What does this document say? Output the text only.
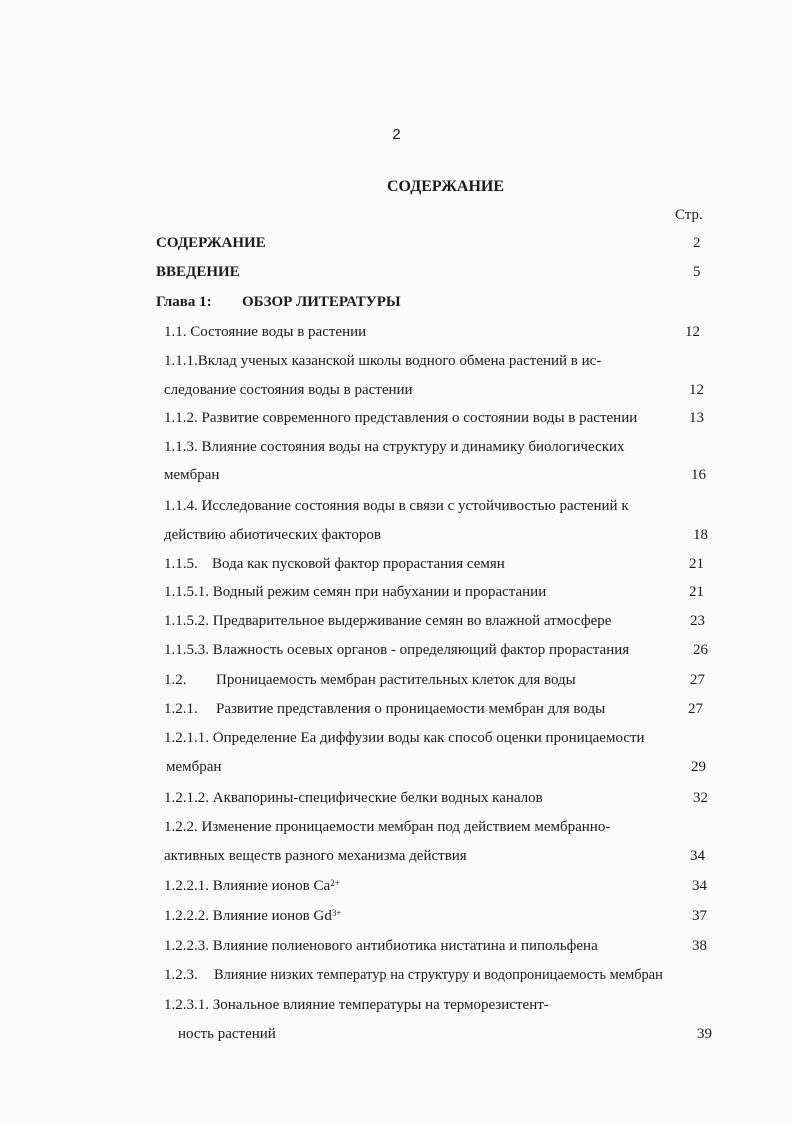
2
СОДЕРЖАНИЕ
Стр.
СОДЕРЖАНИЕ	2
ВВЕДЕНИЕ	5
Глава 1: ОБЗОР ЛИТЕРАТУРЫ
1.1. Состояние воды в растении	12
1.1.1.Вклад ученых казанской школы водного обмена растений в ис-
следование состояния воды в растении	12
1.1.2. Развитие современного представления о состоянии воды в растении	13
1.1.3. Влияние состояния воды на структуру и динамику биологических
мембран	16
1.1.4. Исследование состояния воды в связи с устойчивостью растений к
действию абиотических факторов	18
1.1.5. Вода как пусковой фактор прорастания семян	21
1.1.5.1. Водный режим семян при набухании и прорастании	21
1.1.5.2. Предварительное выдерживание семян во влажной атмосфере	23
1.1.5.3. Влажность осевых органов - определяющий фактор прорастания	26
1.2. Проницаемость мембран растительных клеток для воды	27
1.2.1. Развитие представления о проницаемости мембран для воды	27
1.2.1.1. Определение Ea диффузии воды как способ оценки проницаемости
мембран	29
1.2.1.2. Аквапорины-специфические белки водных каналов	32
1.2.2. Изменение проницаемости мембран под действием мембранно-
активных веществ разного механизма действия	34
1.2.2.1. Влияние ионов $Ca^{2+}$	34
1.2.2.2. Влияние ионов $Gd^{3+}$	37
1.2.2.3. Влияние полиенового антибиотика нистатина и пипольфена	38
1.2.3. Влияние низких температур на структуру и водопроницаемость мембран
1.2.3.1. Зональное влияние температуры на терморезистент-
ность растений	39
